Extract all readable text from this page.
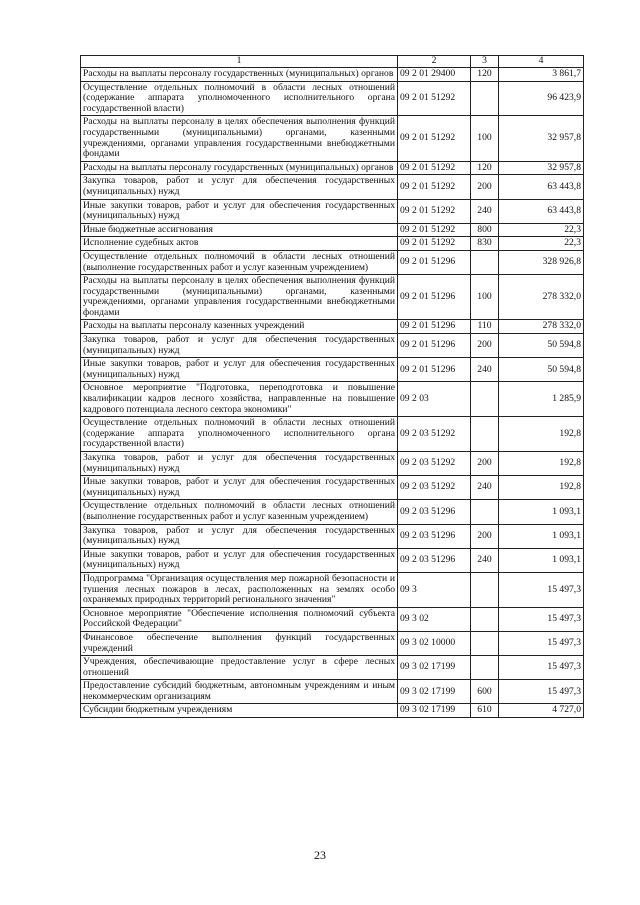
1	2	3	4
Расходы на выплаты персоналу государственных (муниципальных) органов	09 2 01 29400	120	3 861,7
Осуществление отдельных полномочий в области лесных отношений (содержание аппарата уполномоченного исполнительного органа государственной власти)	09 2 01 51292		96 423,9
Расходы на выплаты персоналу в целях обеспечения выполнения функций государственными (муниципальными) органами, казенными учреждениями, органами управления государственными внебюджетными фондами	09 2 01 51292	100	32 957,8
Расходы на выплаты персоналу государственных (муниципальных) органов	09 2 01 51292	120	32 957,8
Закупка товаров, работ и услуг для обеспечения государственных (муниципальных) нужд	09 2 01 51292	200	63 443,8
Иные закупки товаров, работ и услуг для обеспечения государственных (муниципальных) нужд	09 2 01 51292	240	63 443,8
Иные бюджетные ассигнования	09 2 01 51292	800	22,3
Исполнение судебных актов	09 2 01 51292	830	22,3
Осуществление отдельных полномочий в области лесных отношений (выполнение государственных работ и услуг казенным учреждением)	09 2 01 51296		328 926,8
Расходы на выплаты персоналу в целях обеспечения выполнения функций государственными (муниципальными) органами, казенными учреждениями, органами управления государственными внебюджетными фондами	09 2 01 51296	100	278 332,0
Расходы на выплаты персоналу казенных учреждений	09 2 01 51296	110	278 332,0
Закупка товаров, работ и услуг для обеспечения государственных (муниципальных) нужд	09 2 01 51296	200	50 594,8
Иные закупки товаров, работ и услуг для обеспечения государственных (муниципальных) нужд	09 2 01 51296	240	50 594,8
Основное мероприятие "Подготовка, переподготовка и повышение квалификации кадров лесного хозяйства, направленные на повышение кадрового потенциала лесного сектора экономики"	09 2 03		1 285,9
Осуществление отдельных полномочий в области лесных отношений (содержание аппарата уполномоченного исполнительного органа государственной власти)	09 2 03 51292		192,8
Закупка товаров, работ и услуг для обеспечения государственных (муниципальных) нужд	09 2 03 51292	200	192,8
Иные закупки товаров, работ и услуг для обеспечения государственных (муниципальных) нужд	09 2 03 51292	240	192,8
Осуществление отдельных полномочий в области лесных отношений (выполнение государственных работ и услуг казенным учреждением)	09 2 03 51296		1 093,1
Закупка товаров, работ и услуг для обеспечения государственных (муниципальных) нужд	09 2 03 51296	200	1 093,1
Иные закупки товаров, работ и услуг для обеспечения государственных (муниципальных) нужд	09 2 03 51296	240	1 093,1
Подпрограмма "Организация осуществления мер пожарной безопасности и тушения лесных пожаров в лесах, расположенных на землях особо охраняемых природных территорий регионального значения"	09 3		15 497,3
Основное мероприятие "Обеспечение исполнения полномочий субъекта Российской Федерации"	09 3 02		15 497,3
Финансовое обеспечение выполнения функций государственных учреждений	09 3 02 10000		15 497,3
Учреждения, обеспечивающие предоставление услуг в сфере лесных отношений	09 3 02 17199		15 497,3
Предоставление субсидий бюджетным, автономным учреждениям и иным некоммерческим организациям	09 3 02 17199	600	15 497,3
Субсидии бюджетным учреждениям	09 3 02 17199	610	4 727,0
23
